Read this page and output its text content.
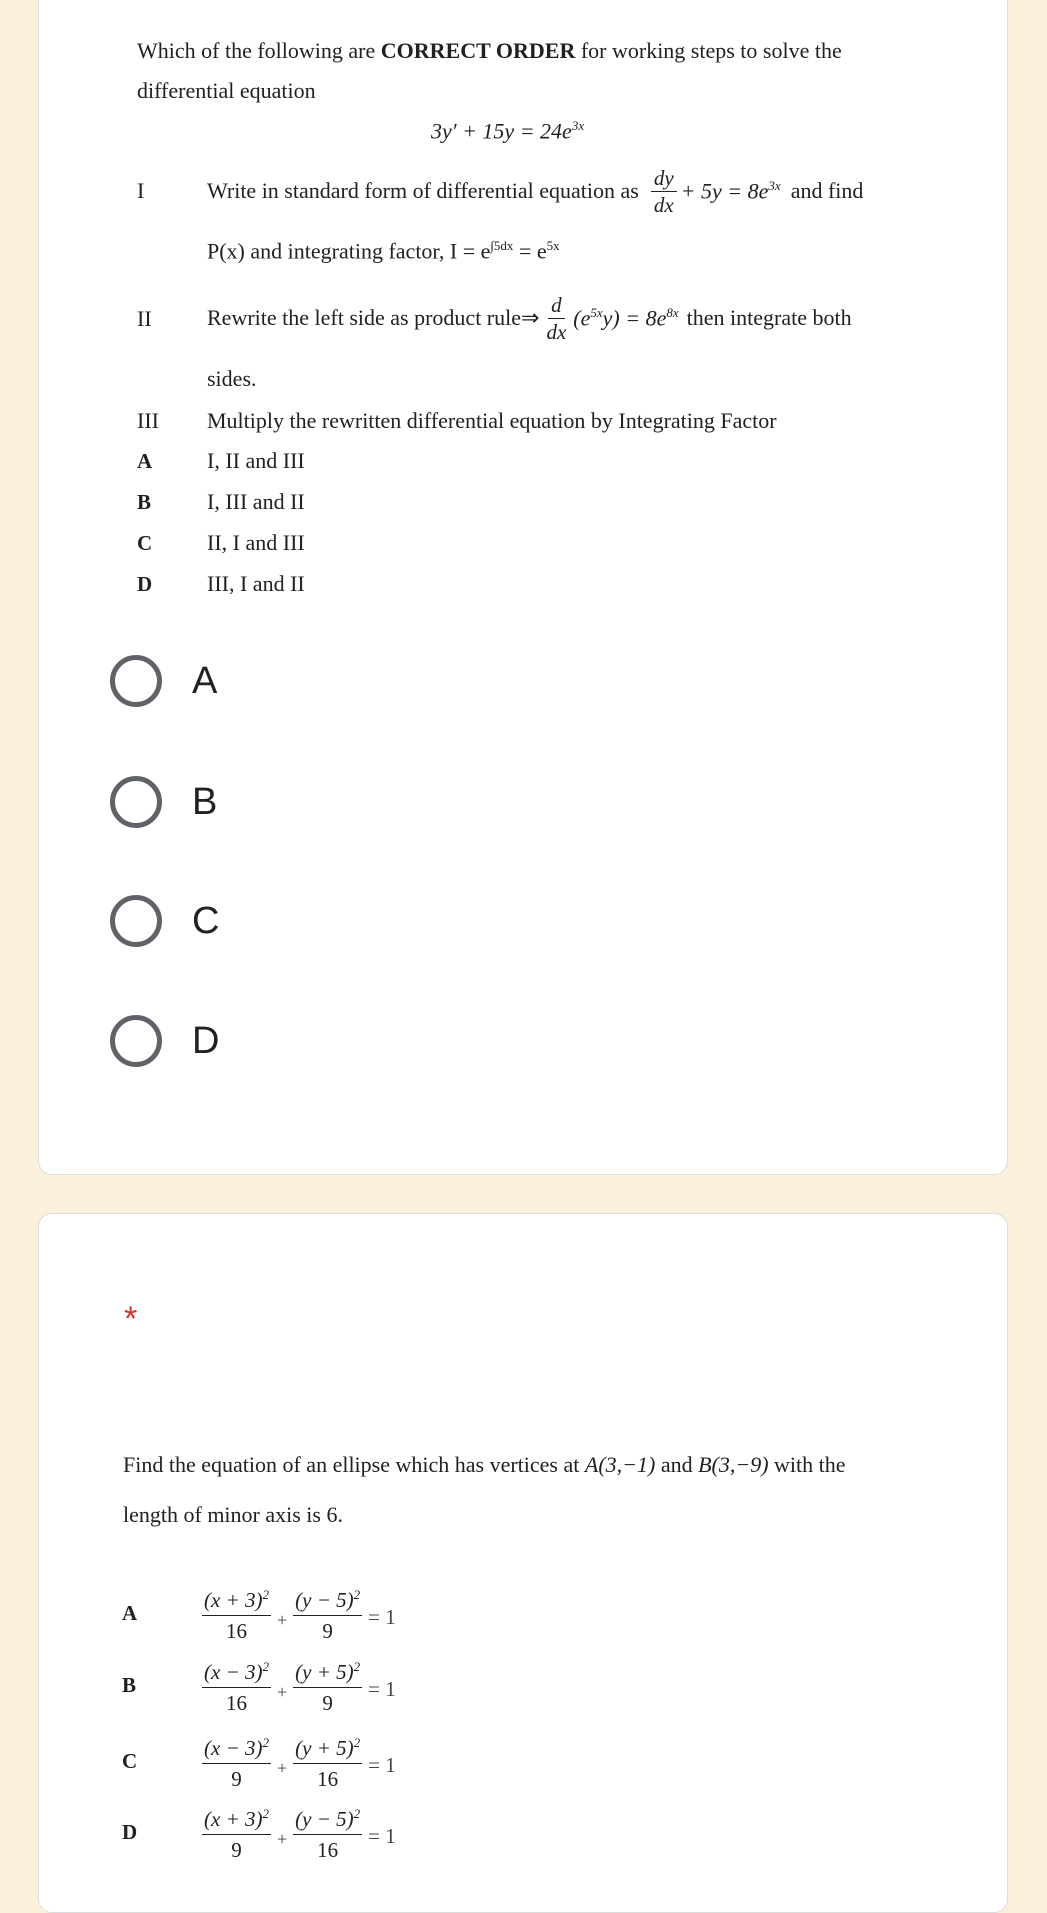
Which of the following are CORRECT ORDER for working steps to solve the
differential equation
$3y' + 15y = 24e^{3x}$
I	Write in standard form of differential equation as $\frac{dy}{dx} + 5y = 8e^{3x}$ and find
P(x) and integrating factor, $I = e^{\int 5dx} = e^{5x}$
II	Rewrite the left side as product rule⇒ $\frac{d}{dx} (e^{5x}y) = 8e^{8x}$ then integrate both
sides.
III Multiply the rewritten differential equation by Integrating Factor
A I, II and III
B	I, III and II
C II, I and III
D III, I and II
A
B
C
D
*
Find the equation of an ellipse which has vertices at A(3,−1) and B(3,−9) with the
length of minor axis is 6.
A	$\frac{(x + 3)^2}{16} + \frac{(y - 5)^2}{9} = 1$
B	$\frac{(x - 3)^2}{16} + \frac{(y + 5)^2}{9} = 1$
C	$\frac{(x - 3)^2}{9} + \frac{(y + 5)^2}{16} = 1$
D	$\frac{(x + 3)^2}{9} + \frac{(y - 5)^2}{16} = 1$
